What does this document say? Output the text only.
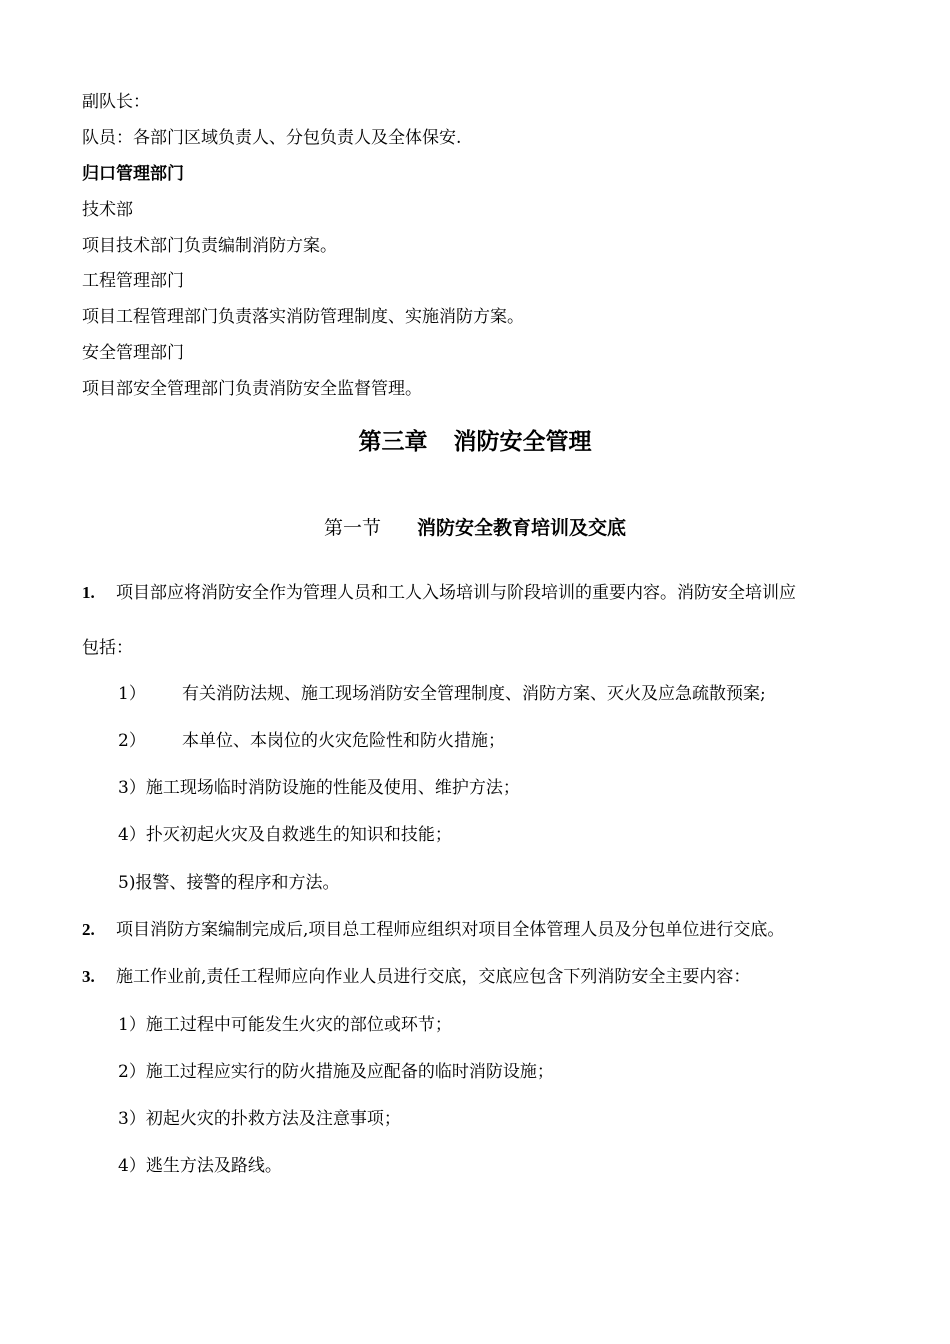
副队长：
队员：各部门区域负责人、分包负责人及全体保安.
归口管理部门
技术部
项目技术部门负责编制消防方案。
工程管理部门
项目工程管理部门负责落实消防管理制度、实施消防方案。
安全管理部门
项目部安全管理部门负责消防安全监督管理。
第三章 消防安全管理
第一节 消防安全教育培训及交底
1. 项目部应将消防安全作为管理人员和工人入场培训与阶段培训的重要内容。消防安全培训应
包括：
1） 有关消防法规、施工现场消防安全管理制度、消防方案、灭火及应急疏散预案;
2） 本单位、本岗位的火灾危险性和防火措施；
3）施工现场临时消防设施的性能及使用、维护方法；
4）扑灭初起火灾及自救逃生的知识和技能；
5)报警、接警的程序和方法。
2. 项目消防方案编制完成后,项目总工程师应组织对项目全体管理人员及分包单位进行交底。
3. 施工作业前,责任工程师应向作业人员进行交底，交底应包含下列消防安全主要内容：
1）施工过程中可能发生火灾的部位或环节；
2）施工过程应实行的防火措施及应配备的临时消防设施；
3）初起火灾的扑救方法及注意事项；
4）逃生方法及路线。
